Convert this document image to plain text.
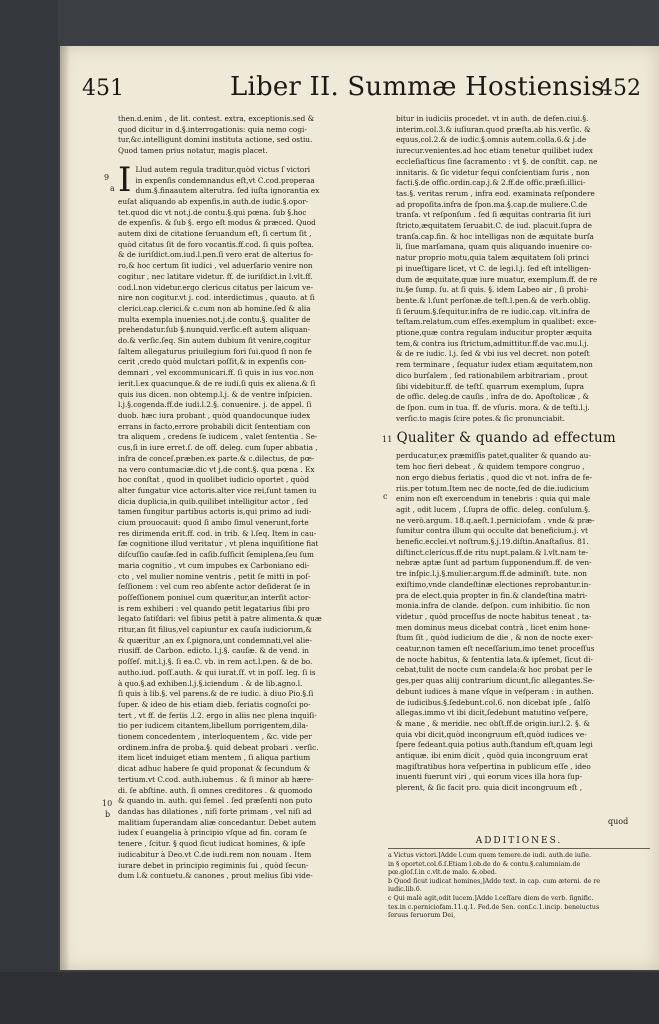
451	Liber II. Summæ Hostiensis
452
then.d.enim , de lit. contest. extra, exceptionis.sed &
quod dicitur in d.§.interrogationis: quia nemo cogi-
tur,&c.intelligunt domini instituta actione, sed ostiu.
Quod tamen prius notatur, magis placet.
I Llud autem regula traditur,quòd victus ſ victori
in expenſis condemnandus eſt,vt C.cod.properaa
dum.§.finaautem alterutra. ſed iuſta ignorantia ex
euſat aliquando ab expenſis,in auth.de iudic.§.opor-
tet.quod dic vt not.j.de contu.§.qui pœna. ſub §.hoc
de expenſis. & ſub §. ergo eſt modus & præced. Quod
autem dixi de citatione ſeruandum eſt, ſi certum ſit ,
quòd citatus ſit de foro vocantis.ff.cod. ſi quis poſtea.
& de iuriſdict.om.iud.l.pen.ſi vero erat de alterius fo-
ro,& hoc certum ſit iudici , vel aduerſario venire non
cogitur , nec latitare videtur. ff. de iuriſdict.in l.vlt.ff.
cod.l.non videtur.ergo clericus citatus per laicum ve-
nire non cogitur.vt j. cod. interdictimus , quauto. at ſi
clerici.cap.clerici.& c.cum non ab homine.ſed & alia
multa exempla inuenies.not.j.de contu.§. qualiter de
prehendatur.ſub §.nunquid.verſic.eſt autem aliquan-
do.& verſic.ſeq. Sin autem dubium ſit venire,cogitur
ſaltem allegaturus priuilegium fori ſui.quod ſi non fe
cerit ,credo quòd mulctari poſſit,& in expenſis con-
demnari , vel excommunicari.ff. ſi quis in ius voc.non
ierit.l.ex quacunque.& de re iudi.ſi quis ex aliena.& ſi
quis ius dicen. non obtemp.l.j. & de ventre inſpicien.
l.j.§.cogenda.ff.de iudi.l.2.§. conuenire. j. de appel. ſi
duob. hæc iura probant , quòd quandocunque iudex
errans in facto,errore probabili dicit ſententiam con
tra aliquem , credens ſe iudicem , valet ſententia . Se-
cus,ſi in iure erret.ſ. de off. deleg. cum ſuper abbatia ,
infra de conceſ.præben.ex parte.& c.dilectus, de pœ-
na vero contumaciæ.dic vt j.de cont.§. qua pœna . Ex
hoc conſtat , quod in quolibet iudicio oportet , quòd
alter fungatur vice actoris.alter vice rei,ſunt tamen iu
dicia duplicia,in quib.quilibet intelligitur actor , ſed
tamen fungitur partibus actoris is,qui primo ad iudi-
cium prouocauit: quod ſi ambo ſimul venerunt,forte
res dirimenda erit.ff. cod. in trib. & l.ſeq. Item in cau-
ſæ cognitione illud veritatur , vt plena inquiſitione fiat
diſcuſſio cauſæ.ſed in caſib.ſuſſicit ſemiplena,ſeu ſum
maria cognitio , vt cum impubes ex Carboniano edi-
cto , vel mulier nomine ventris , petit ſe mitti in poſ-
ſeſſionem : vel cum reo abſente actor deſiderat ſe in
poſſeſſionem poniuel cum quæritur,an interſit actor-
is rem exhiberi : vel quando petit legatarius ſibi pro
legato ſatiſdari: vel ſibius petit à patre alimenta.& quæ
ritur,an ſit filius,vel capiuntur ex cauſa iudiciorum,&
& quæritur ,an ex ſ.pignora,unt condemnati,vel alie-
riusiff. de Carbon. edicto. l.j.§. cauſæ. & de vend. in
poſſeſ. mit.l.j.§. ſi ea.C. vb. in rem act.l.pen. & de bo.
autho.iud. poſſ.auth. & qui iurat.ſf. vt in poſſ. leg. ſi is
à quo.§.ad exhiben.l.j.§.iciendum . & de lib.agno.l.
ſi quis à lib.§. vel parens.& de re iudic. à diuo Pio.§.ſi
ſuper. & ideo de his etiam dieb. feriatis cognoſci po-
tert , vt ff. de feriis .l.2. ergo in aliis nec plena inquiſi-
tio per iudicem citantem,libellum porrigentem,dila-
tionem concedentem , interloquentem , &c. vide per
ordinem.infra de proba.§. quid debeat probari . verſic.
item licet induiget etiam mentem , ſi aliqua partium
dicat adhuc habere ſe quid proponat & ſecundum &
tertium.vt C.cod. auth.iubemus . & ſi minor ab hære-
di. ſe abſtine. auth. ſi omnes creditores . & quomodo
& quando in. auth. qui ſemel . ſed præſenti non puto
dandas has dilationes , niſi forte primam , vel niſi ad
malitiam ſuperandam aliæ concedantur. Debet autem
iudex ſ euangelia à principio vſque ad fin. coram ſe
tenere , ſcitur. § quod ſicut iudicat homines, & ipſe
iudicabitur à Deo.vt C.de iudi.rem non nouam . Item
iurare debet in principio regiminis ſui , quòd ſecun-
dum l.& contuetu.& canones , prout melius ſibi vide-
9
a
10
b
c
bitur in iudiciis procedet. vt in auth. de defen.ciui.§.
interim.col.3.& iuſiuran.quod præſta.ab his.verſic. &
equus,col.2.& de iudic.§.omnis autem.colla.6.& j.de
iurecur.venientes.ad hoc etiam tenetur quilibet iudex
eccleſiaſticus ſine ſacramento : vt §. de conſtit. cap. ne
innitaris. & ſic videtur ſequi conſcientiam ſuris , non
facti.§.de offic.ordin.cap.j.& 2.ff.de offic.præſi.illici-
tas.§. veritas rerum , infra eod. examinata reſpondere
ad propoſita.infra de ſpon.ma.§.cap.de muliere.C.de
tranſa. vt reſponſum . ſed ſi æquitas contraria ſit iuri
ſtricto,æquitatem ſeruabit.C. de iud. placuit.ſupra de
tranſa.cap.fin. & hoc intelligas non de æquitate burſa
li, ſiue marſamana, quam quis aliquando inuenire co-
natur proprio motu,quia talem æquitatem ſoli princi
pi inueſtigare licet, vt C. de legi.l.j. ſed eſt intelligen-
dum de æquitate,quæ iure muatur, exemplum.ff. de re
iu.§e ſump. ſu. at ſi quis. §. idem Labeo air , ſi prohi-
bente.& l.ſunt perſonæ.de teſt.l.pen.& de verb.oblig.
ſi ſeruum.§.ſequitur.infra de re iudic.cap. vlt.infra de
teſtam.relatum.cum eſſes.exemplum in qualibet: exce-
ptione,quæ contra regulam inducitur propter æquita
tem,& contra ius ſtrictum,admittitur.ff.de vac.mu.l.j.
& de re iudic. l.j. ſed & vbi ius vel decret. non poteſt
rem terminare , ſequatur iudex etiam æquitatem,non
dico burſalem , ſed rationabilem arbitrariam , prout
ſibi videbitur.ff. de teſtſ. quarrum exemplum, ſupra
de offic. deleg.de cauſis , infra de do. Apoſtolicæ , &
de ſpon. cum in tua. ff. de vſuris. mora. & de teſti.l.j.
verſic.to magis ſcire potes.& ſic pronunciabit.
11 Qualiter & quando ad effectum
perducatur,ex præmiſſis patet,qualiter & quando au-
tem hoc fieri debeat , & quidem tempore congruo ,
non ergo diebus feriatis , quod dic vt not. infra de fe-
riis.per totum.Item nec de nocte,ſed de die.iudicium
enim non eſt exercendum in tenebris : quia qui male
agit , odit lucem , ſ.ſupra de offic. deleg. conſulum.§.
ne verò.argum. 18.q.aeſt.1.perniciofam . vnde & præ-
ſumitur contra illum qui occulte dat beneficium.j. vt
benefic.ecclei.vt noſtrum.§.j.19.diſtin.Anaſtaſius. 81.
diſtinct.clericus.ff.de ritu nupt.palam.& l.vlt.nam te-
nebræ aptæ ſunt ad partum ſupponendum.ff. de ven-
tre inſpic.l.j.§.mulier.argum.ff.de adminiſt. tute. non
exiſtimo,vnde clandeſtinæ electiones reprobantur.in-
pra de elect.quia propter in fin.& clandeſtina matri-
monia.infra de clande. deſpon. cum inhibitio. ſic non
videtur , quòd proceſſus de nocte habitus teneat , ta-
men dominus meus dicebat contrà , licet enim hone-
ſtum ſit , quòd iudicium de die , & non de nocte exer-
ceatur,non tamen eſt neceſſarium,imo tenet proceſſus
de nocte habitus, & ſententia lata.& ipſemet, ſicut di-
cebat,tulit de nocte cum candela:& hoc probat per le
ges,per quas aliij contrarium dicunt,ſic allegantes.Se-
debunt iudices à mane vſque in veſperam : in authen.
de iudicibus.§.ſedebunt.col.6. non dicebat ipſe , ſalſò
allegas.immo vt ibi dicit,ſedebunt matutino veſpere,
& mane , & meridie. nec obſt.ff.de origin.iur.l.2. §. &
quia vbi dicit,quòd incongruum eſt,quòd iudices ve-
ſpere ſedeant.quia potius auth.ſtandum eſt,quam legi
antiquæ. ibi enim dicit , quòd quia incongruum erat
magiſtratibus hora veſpertina in publicum eſſe , ideo
inuenti fuerunt viri , qui eorum vices illa hora ſup-
plerent, & ſic facit pro. quia dicit incongruum eſt ,
quod
ADDITIONES.
a Victus victori.]Adde l.cum quem temere.de iudi. auth.de iuſie.
in § oportet.col.6.ſ.Etiam l.ob.de do & contu.§.calumniam.de
pœ.gloſ.ſ.in c.vlt.de malo. &.obed.
b Quod ſicut iudicat homines,]Adde text. in cap. cum æterni. de re
iudic.lib.6.
c Qui malè agit,odit lucem.]Adde l.ceſſare diem de verb. ſignific.
tex.in c.perniciofam.11.q.1. Fed.de Sen. conſ.c.1.incip. beneiuctus
ſeruus ſeruorum Dei,
